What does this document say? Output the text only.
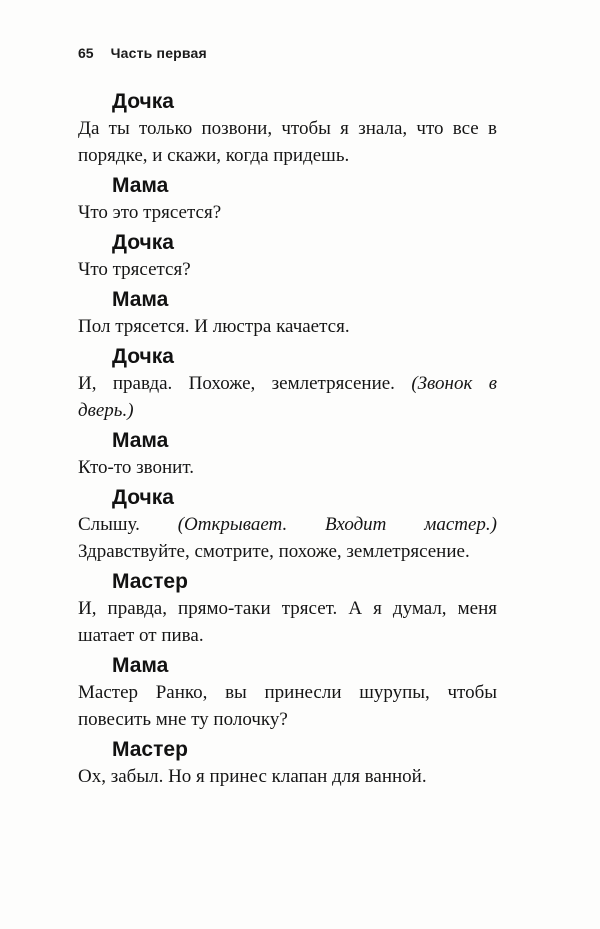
65 Часть первая
Дочка

Да ты только позвони, чтобы я знала, что все в порядке, и скажи, когда придешь.

Мама

Что это трясется?

Дочка

Что трясется?

Мама

Пол трясется. И люстра качается.

Дочка

И, правда. Похоже, землетрясение. (Звонок в дверь.)

Мама

Кто-то звонит.

Дочка

Слышу. (Открывает. Входит мастер.) Здравствуйте, смотрите, похоже, землетрясение.

Мастер

И, правда, прямо-таки трясет. А я думал, меня шатает от пива.

Мама

Мастер Ранко, вы принесли шурупы, чтобы повесить мне ту полочку?

Мастер

Ох, забыл. Но я принес клапан для ванной.
